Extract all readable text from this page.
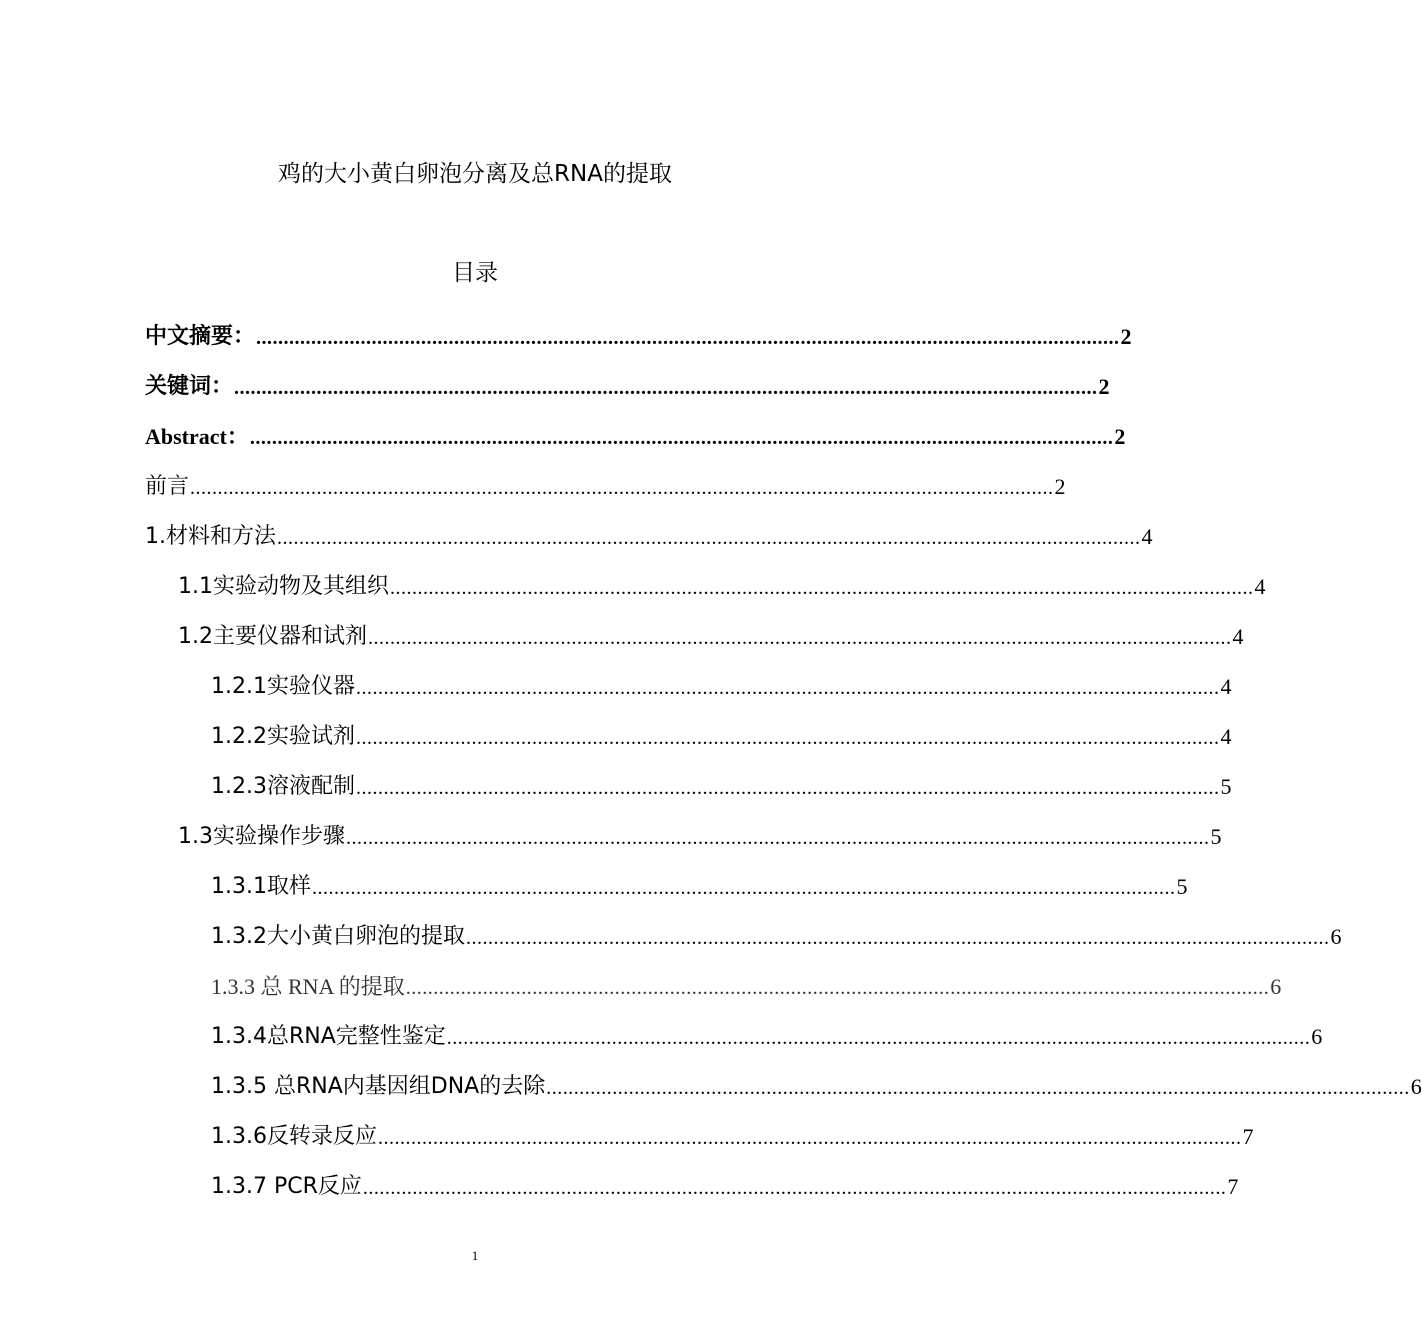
鸡的大小黄白卵泡分离及总RNA的提取
目录
中文摘要： ............................................................................................................................................................. 2
关键词： ............................................................................................................................................................. 2
Abstract： ............................................................................................................................................................. 2
前言 ............................................................................................................................................................. 2
1.材料和方法 ............................................................................................................................................................. 4
1.1实验动物及其组织 ............................................................................................................................................................. 4
1.2主要仪器和试剂 ............................................................................................................................................................. 4
1.2.1实验仪器 ............................................................................................................................................................. 4
1.2.2实验试剂 ............................................................................................................................................................. 4
1.2.3溶液配制 ............................................................................................................................................................. 5
1.3实验操作步骤 ............................................................................................................................................................. 5
1.3.1取样 ............................................................................................................................................................. 5
1.3.2大小黄白卵泡的提取 ............................................................................................................................................................. 6
1.3.3 总 RNA 的提取 ............................................................................................................................................................. 6
1.3.4总RNA完整性鉴定 ............................................................................................................................................................. 6
1.3.5 总RNA内基因组DNA的去除 ............................................................................................................................................................. 6
1.3.6反转录反应 ............................................................................................................................................................. 7
1.3.7 PCR反应 ............................................................................................................................................................. 7
1
